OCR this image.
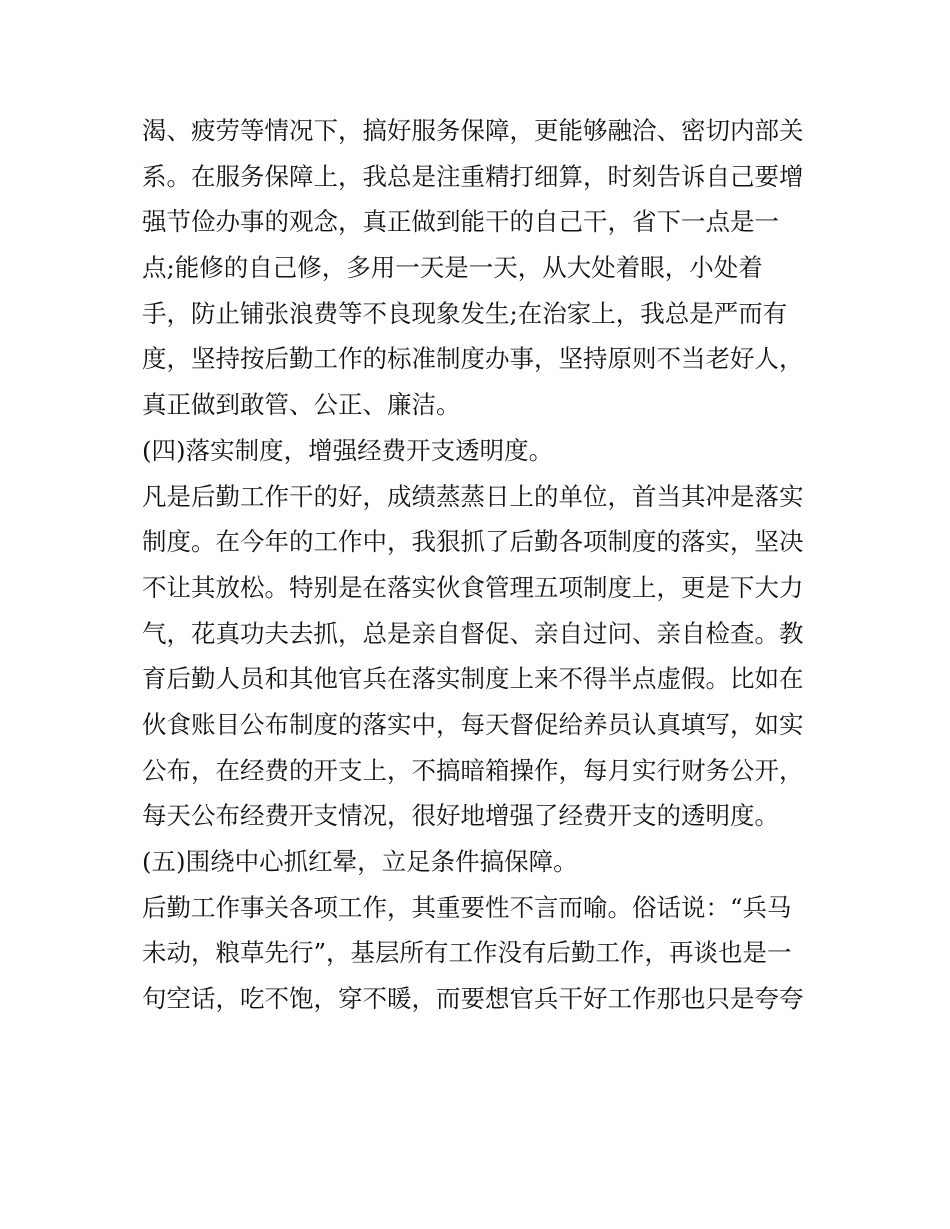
渴、疲劳等情况下，搞好服务保障，更能够融洽、密切内部关
系。在服务保障上，我总是注重精打细算，时刻告诉自己要增
强节俭办事的观念，真正做到能干的自己干，省下一点是一
点;能修的自己修，多用一天是一天，从大处着眼，小处着
手，防止铺张浪费等不良现象发生;在治家上，我总是严而有
度，坚持按后勤工作的标准制度办事，坚持原则不当老好人，
真正做到敢管、公正、廉洁。
(四)落实制度，增强经费开支透明度。
凡是后勤工作干的好，成绩蒸蒸日上的单位，首当其冲是落实
制度。在今年的工作中，我狠抓了后勤各项制度的落实，坚决
不让其放松。特别是在落实伙食管理五项制度上，更是下大力
气，花真功夫去抓，总是亲自督促、亲自过问、亲自检查。教
育后勤人员和其他官兵在落实制度上来不得半点虚假。比如在
伙食账目公布制度的落实中，每天督促给养员认真填写，如实
公布，在经费的开支上，不搞暗箱操作，每月实行财务公开，
每天公布经费开支情况，很好地增强了经费开支的透明度。
(五)围绕中心抓红晕，立足条件搞保障。
后勤工作事关各项工作，其重要性不言而喻。俗话说：“兵马
未动，粮草先行”，基层所有工作没有后勤工作，再谈也是一
句空话，吃不饱，穿不暖，而要想官兵干好工作那也只是夸夸
